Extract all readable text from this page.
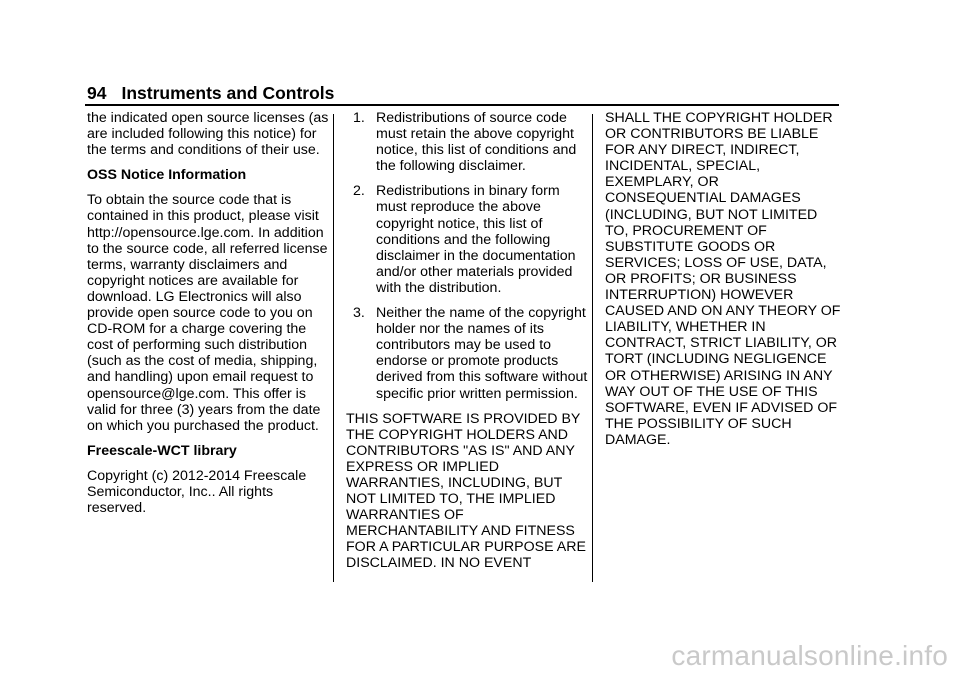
94 Instruments and Controls

the indicated open source licenses (as are included following this notice) for the terms and conditions of their use.

OSS Notice Information

To obtain the source code that is contained in this product, please visit http://opensource.lge.com. In addition to the source code, all referred license terms, warranty disclaimers and copyright notices are available for download. LG Electronics will also provide open source code to you on CD-ROM for a charge covering the cost of performing such distribution (such as the cost of media, shipping, and handling) upon email request to opensource@lge.com. This offer is valid for three (3) years from the date on which you purchased the product.

Freescale-WCT library

Copyright (c) 2012-2014 Freescale Semiconductor, Inc.. All rights reserved.

1. Redistributions of source code must retain the above copyright notice, this list of conditions and the following disclaimer.
2. Redistributions in binary form must reproduce the above copyright notice, this list of conditions and the following disclaimer in the documentation and/or other materials provided with the distribution.
3. Neither the name of the copyright holder nor the names of its contributors may be used to endorse or promote products derived from this software without specific prior written permission.

THIS SOFTWARE IS PROVIDED BY THE COPYRIGHT HOLDERS AND CONTRIBUTORS "AS IS" AND ANY EXPRESS OR IMPLIED WARRANTIES, INCLUDING, BUT NOT LIMITED TO, THE IMPLIED WARRANTIES OF MERCHANTABILITY AND FITNESS FOR A PARTICULAR PURPOSE ARE DISCLAIMED. IN NO EVENT

SHALL THE COPYRIGHT HOLDER OR CONTRIBUTORS BE LIABLE FOR ANY DIRECT, INDIRECT, INCIDENTAL, SPECIAL, EXEMPLARY, OR CONSEQUENTIAL DAMAGES (INCLUDING, BUT NOT LIMITED TO, PROCUREMENT OF SUBSTITUTE GOODS OR SERVICES; LOSS OF USE, DATA, OR PROFITS; OR BUSINESS INTERRUPTION) HOWEVER CAUSED AND ON ANY THEORY OF LIABILITY, WHETHER IN CONTRACT, STRICT LIABILITY, OR TORT (INCLUDING NEGLIGENCE OR OTHERWISE) ARISING IN ANY WAY OUT OF THE USE OF THIS SOFTWARE, EVEN IF ADVISED OF THE POSSIBILITY OF SUCH DAMAGE.

carmanualsonline.info
